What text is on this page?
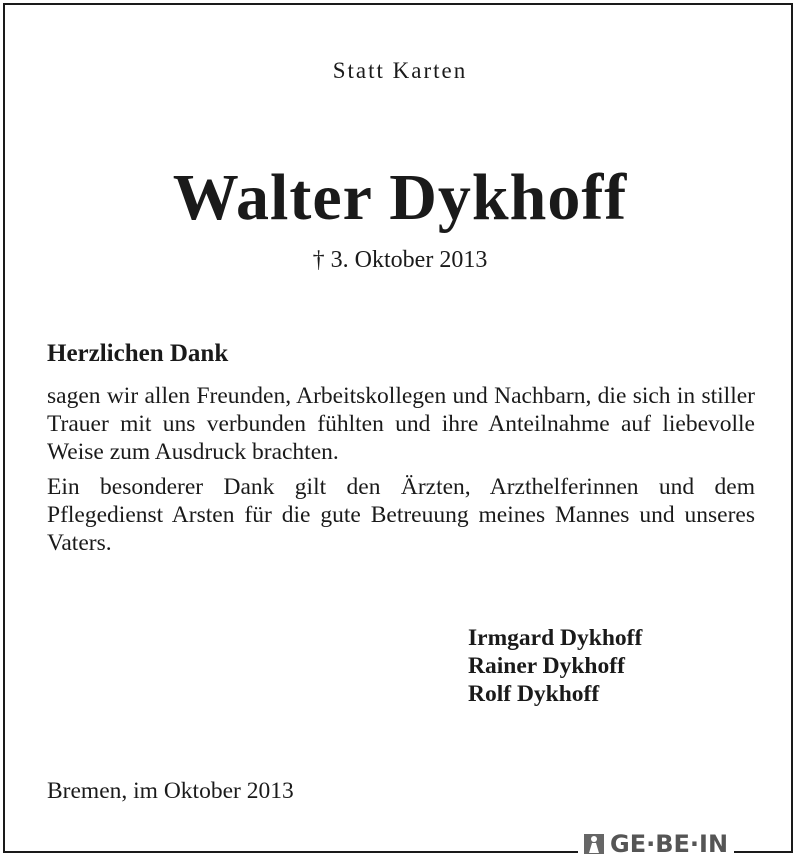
Statt Karten
Walter Dykhoff
† 3. Oktober 2013
Herzlichen Dank

sagen wir allen Freunden, Arbeitskollegen und Nachbarn, die sich in stiller Trauer mit uns verbunden fühlten und ihre Anteilnahme auf liebevolle Weise zum Ausdruck brachten.

Ein besonderer Dank gilt den Ärzten, Arzthelferinnen und dem Pflegedienst Arsten für die gute Betreuung meines Mannes und unseres Vaters.

Irmgard Dykhoff
Rainer Dykhoff
Rolf Dykhoff
Bremen, im Oktober 2013
GE·BE·IN
